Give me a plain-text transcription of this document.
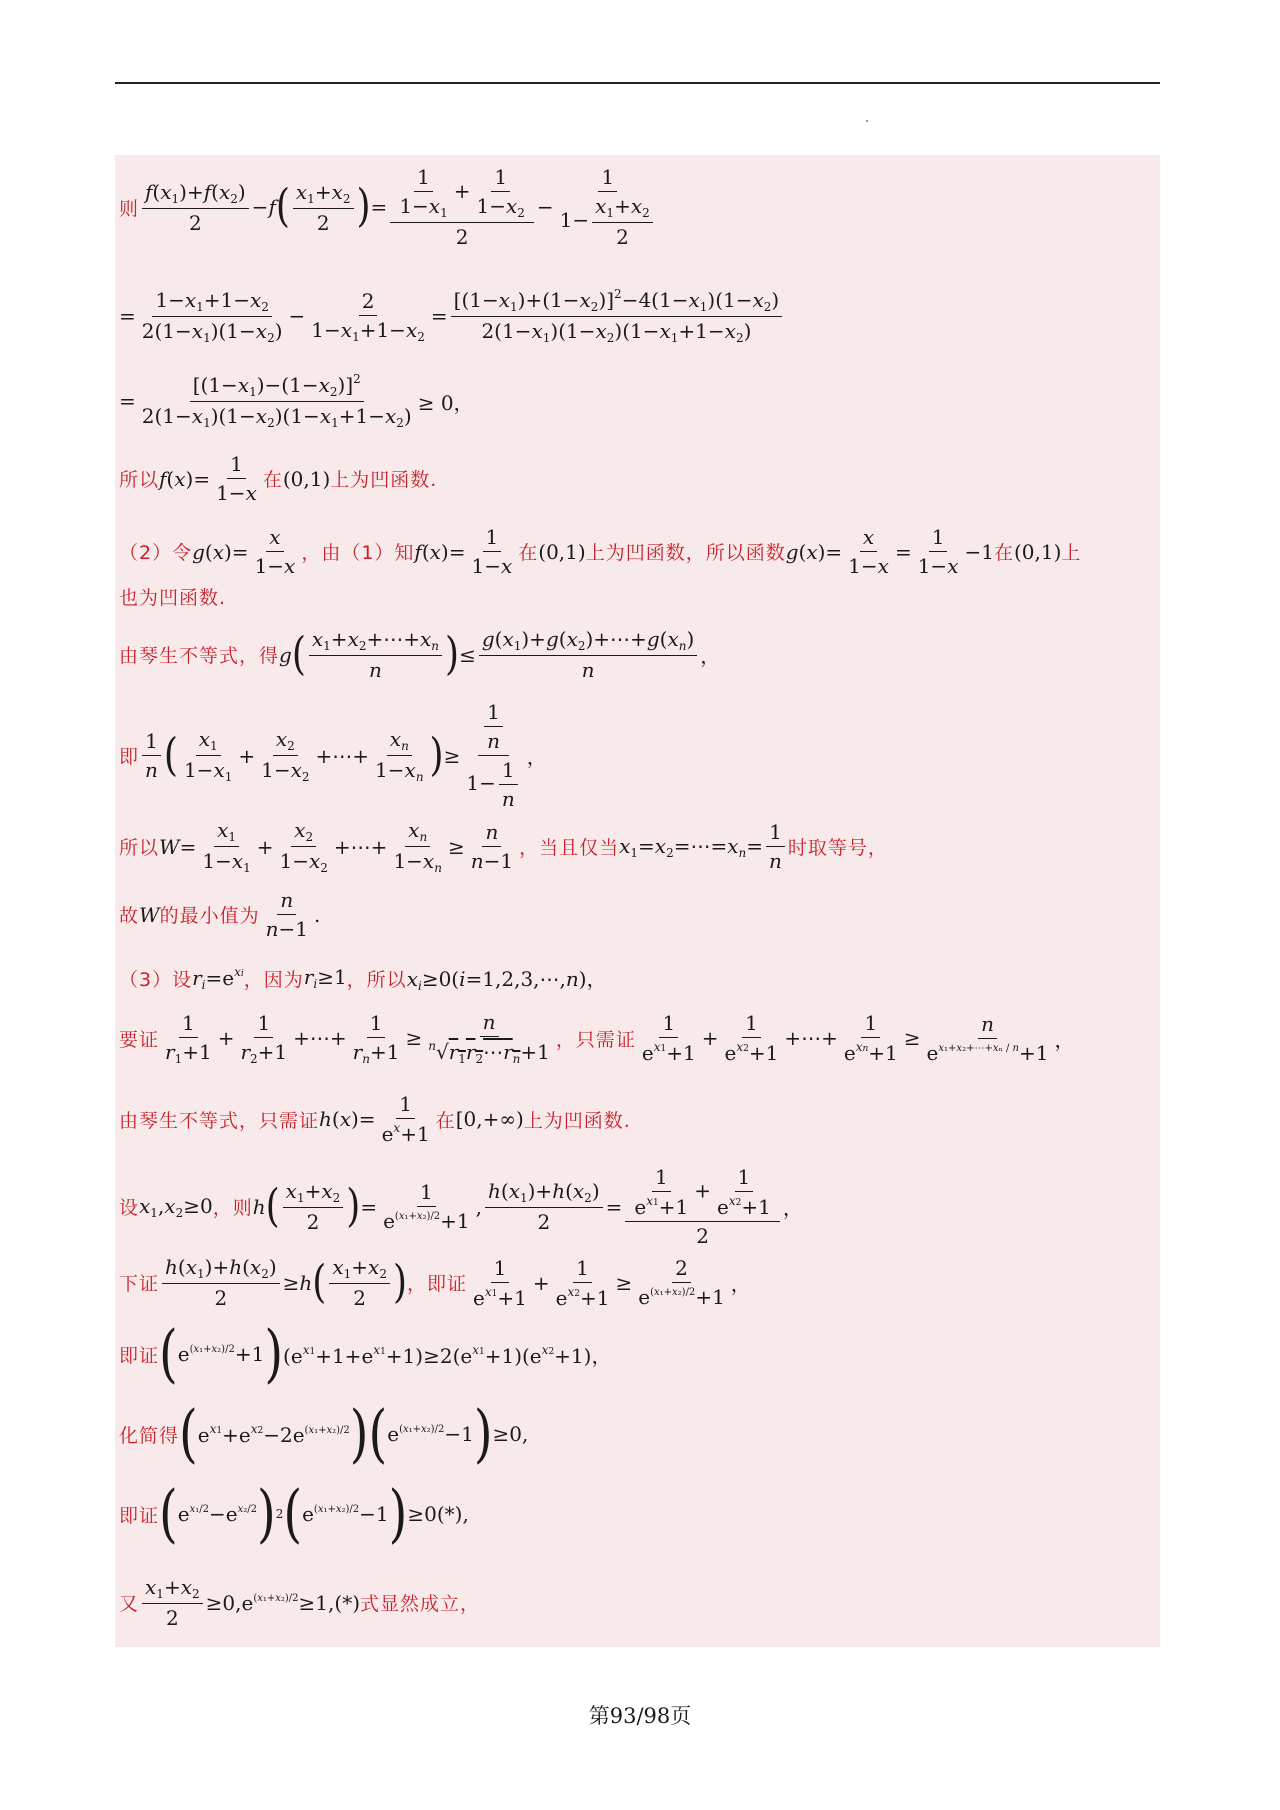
则 $\frac{f(x_1)+f(x_2)}{2} -f$ ( $\frac{x_1+x_2}{2}$ ) = $\frac{\frac{1}{1-x_1} + \frac{1}{1-x_2}}{2} - \frac{1}{1- \frac{x_1+x_2}{2}}$
= $\frac{1-x_1+1-x_2}{2(1-x_1)(1-x_2)} - \frac{2}{1-x_1+1-x_2} = \frac{[(1-x_1)+(1-x_2)]^2-4(1-x_1)(1-x_2)}{2(1-x_1)(1-x_2)(1-x_1+1-x_2)}$
= $\frac{[(1-x_1)-(1-x_2)]^2}{2(1-x_1)(1-x_2)(1-x_1+1-x_2)} \ge 0$，
所以 $f(x)= \frac{1}{1-x}$ 在 (0,1) 上为凹函数.
（2）令 $g(x)= \frac{x}{1-x}$ ，由（1）知 $f(x)= \frac{1}{1-x}$ 在 (0,1) 上为凹函数，所以函数 $g(x)= \frac{x}{1-x} = \frac{1}{1-x} -1$ 在 (0,1) 上
也为凹函数.
由琴生不等式，得 g ( $\frac{x_1+x_2+\cdots+x_n}{n}$ ) ≤ $\frac{g(x_1)+g(x_2)+\cdots+g(x_n)}{n}$ ，
即 $\frac{1}{n}$ ( $\frac{x_1}{1-x_1} + \frac{x_2}{1-x_2}$ +⋯+ $\frac{x_n}{1-x_n}$ ) ≥ $\frac{\frac{1}{n}}{1- \frac{1}{n}}$ ，
所以 $W = \frac{x_1}{1-x_1} + \frac{x_2}{1-x_2}$ +⋯+ $\frac{x_n}{1-x_n} \ge \frac{n}{n-1}$ ，当且仅当 $x_1=x_2=\cdots=x_n= \frac{1}{n}$ 时取等号，
故 W 的最小值为 $\frac{n}{n-1}$ .
（3）设 $r_i=e^{xi}$ ，因为 $r_i\ge 1$ ，所以 $x_i\ge 0(i=1,2,3,\cdots,n)$，
要证 $\frac{1}{r_1+1} + \frac{1}{r_2+1}$ +⋯+ $\frac{1}{r_n+1} \ge \frac{n}{^n√r_1r_2\cdots r_n+1}$ ，只需证 $\frac{1}{e^{x1}+1} + \frac{1}{e^{x2}+1}$ +⋯+ $\frac{1}{e^{xn}+1} \ge \frac{n}{e^{x_1+x_2+\cdots+x_n / n}+1}$ ，
由琴生不等式，只需证 $h(x)= \frac{1}{e^x+1}$ 在 [0,+∞) 上为凹函数.
设 $x_1,x_2\ge 0$ ，则 h ( $\frac{x_1+x_2}{2}$ ) = $\frac{1}{e^{(x_1+x_2)/2}+1}$ , $\frac{h(x_1)+h(x_2)}{2} = \frac{\frac{1}{e^{x1}+1} + \frac{1}{e^{x2}+1}}{2}$ ，
下证 $\frac{h(x_1)+h(x_2)}{2} \ge h$ ( $\frac{x_1+x_2}{2}$ ) ，即证 $\frac{1}{e^{x1}+1} + \frac{1}{e^{x2}+1} \ge \frac{2}{e^{(x_1+x_2)/2}+1}$ ，
即证 ( $e^{(x_1+x_2)/2}+1$ ) $(e^{x1}+1+e^{x1}+1)\ge 2(e^{x1}+1)(e^{x2}+1)$，
化简得 ( $e^{x1}+e^{x2}-2e^{(x_1+x_2)/2}$ ) ( $e^{(x_1+x_2)/2}-1$ ) ≥0,
即证 ( $e^{x_1/2}-e^{x_2/2}$ ) 2 ( $e^{(x_1+x_2)/2}-1$ ) ≥0(*),
又 $\frac{x_1+x_2}{2} \ge 0,e^{(x_1+x_2)/2}\ge 1,(*)$ 式显然成立，
第93/98页
